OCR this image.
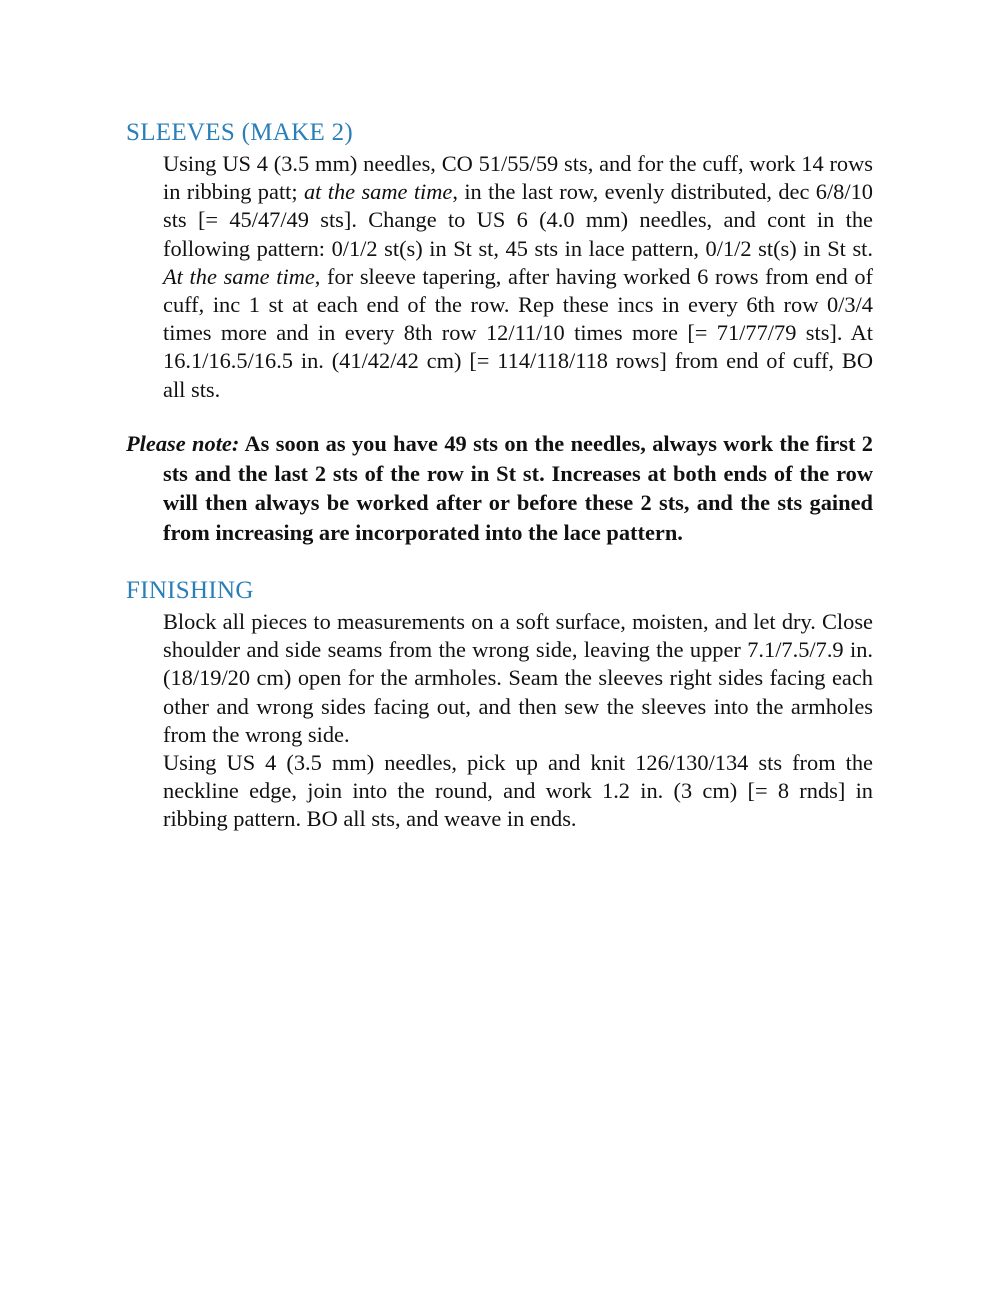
SLEEVES (MAKE 2)

Using US 4 (3.5 mm) needles, CO 51/55/59 sts, and for the cuff, work 14 rows in ribbing patt; at the same time, in the last row, evenly distributed, dec 6/8/10 sts [= 45/47/49 sts]. Change to US 6 (4.0 mm) needles, and cont in the following pattern: 0/1/2 st(s) in St st, 45 sts in lace pattern, 0/1/2 st(s) in St st. At the same time, for sleeve tapering, after having worked 6 rows from end of cuff, inc 1 st at each end of the row. Rep these incs in every 6th row 0/3/4 times more and in every 8th row 12/11/10 times more [= 71/77/79 sts]. At 16.1/16.5/16.5 in. (41/42/42 cm) [= 114/118/118 rows] from end of cuff, BO all sts.

Please note: As soon as you have 49 sts on the needles, always work the first 2 sts and the last 2 sts of the row in St st. Increases at both ends of the row will then always be worked after or before these 2 sts, and the sts gained from increasing are incorporated into the lace pattern.

FINISHING

Block all pieces to measurements on a soft surface, moisten, and let dry. Close shoulder and side seams from the wrong side, leaving the upper 7.1/7.5/7.9 in. (18/19/20 cm) open for the armholes. Seam the sleeves right sides facing each other and wrong sides facing out, and then sew the sleeves into the armholes from the wrong side.

Using US 4 (3.5 mm) needles, pick up and knit 126/130/134 sts from the neckline edge, join into the round, and work 1.2 in. (3 cm) [= 8 rnds] in ribbing pattern. BO all sts, and weave in ends.
